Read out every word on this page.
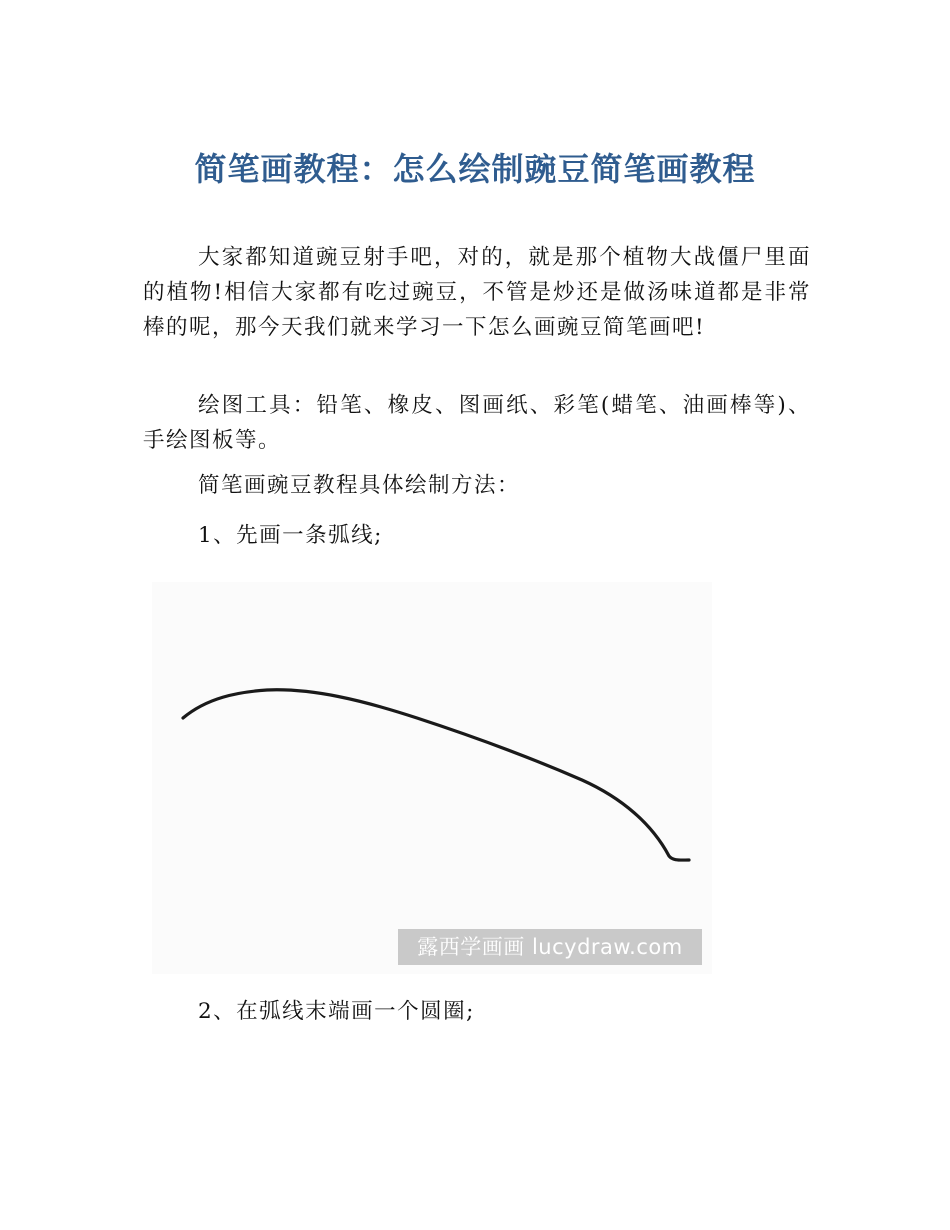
简笔画教程：怎么绘制豌豆简笔画教程

大家都知道豌豆射手吧，对的，就是那个植物大战僵尸里面的植物!相信大家都有吃过豌豆，不管是炒还是做汤味道都是非常棒的呢，那今天我们就来学习一下怎么画豌豆简笔画吧!

绘图工具：铅笔、橡皮、图画纸、彩笔(蜡笔、油画棒等)、手绘图板等。

简笔画豌豆教程具体绘制方法：

1、先画一条弧线;

露西学画画 lucydraw.com

2、在弧线末端画一个圆圈;
